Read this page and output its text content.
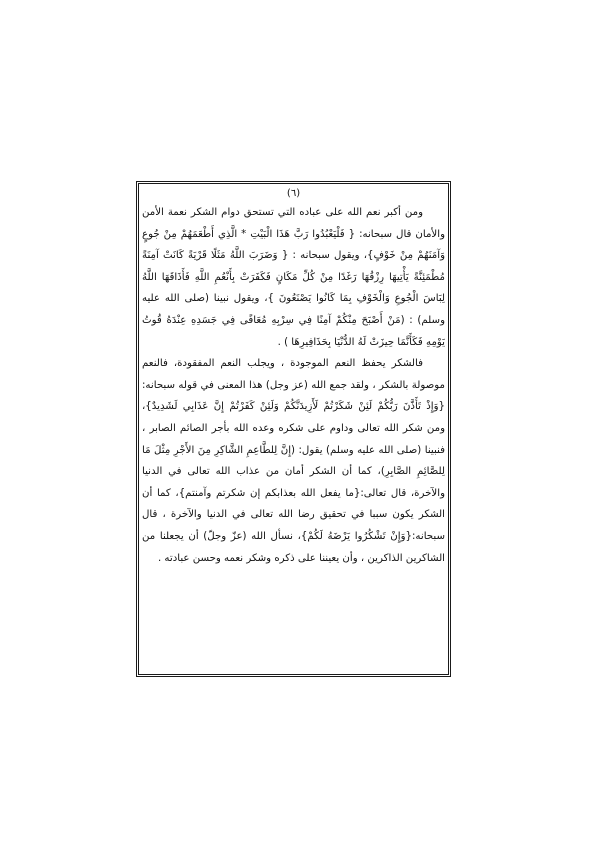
(٦)

ومن أكبر نعم الله على عباده التي تستحق دوام الشكر نعمة الأمن والأمان قال سبحانه: { فَلْيَعْبُدُوا رَبَّ هَذَا الْبَيْتِ * الَّذِي أَطْعَمَهُمْ مِنْ جُوعٍ وَآمَنَهُمْ مِنْ خَوْفٍ}، ويقول سبحانه : { وَضَرَبَ اللَّهُ مَثَلًا قَرْيَةً كَانَتْ آمِنَةً مُطْمَئِنَّةً يَأْتِيهَا رِزْقُهَا رَغَدًا مِنْ كُلِّ مَكَانٍ فَكَفَرَتْ بِأَنْعُمِ اللَّهِ فَأَذَاقَهَا اللَّهُ لِبَاسَ الْجُوعِ وَالْخَوْفِ بِمَا كَانُوا يَصْنَعُونَ }، ويقول نبينا (صلى الله عليه وسلم) : (مَنْ أَصْبَحَ مِنْكُمْ آمِنًا فِي سِرْبِهِ مُعَافًى فِي جَسَدِهِ عِنْدَهُ قُوتُ يَوْمِهِ فَكَأَنَّمَا حِيزَتْ لَهُ الدُّنْيَا بِحَذَافِيرِهَا ) .

فالشكر يحفظ النعم الموجودة ، ويجلب النعم المفقودة، فالنعم موصولة بالشكر ، ولقد جمع الله (عز وجل) هذا المعنى في قوله سبحانه: {وَإِذْ تَأَذَّنَ رَبُّكُمْ لَئِنْ شَكَرْتُمْ لَأَزِيدَنَّكُمْ وَلَئِنْ كَفَرْتُمْ إِنَّ عَذَابِي لَشَدِيدٌ}، ومن شكر الله تعالى وداوم على شكره وعده الله بأجر الصائم الصابر ، فنبينا (صلى الله عليه وسلم) يقول: (إِنَّ لِلطَّاعِمِ الشَّاكِرِ مِنَ الأَجْرِ مِثْلَ مَا لِلصَّائِمِ الصَّابِرِ)، كما أن الشكر أمان من عذاب الله تعالى في الدنيا والآخرة، قال تعالى:{ما يفعل الله بعذابكم إن شكرتم وآمنتم}، كما أن الشكر يكون سببا في تحقيق رضا الله تعالى في الدنيا والآخرة ، قال سبحانه:{وَإِنْ تَشْكُرُوا يَرْضَهُ لَكُمْ}، نسأل الله (عزّ وجلّ) أن يجعلنا من الشاكرين الذاكرين ، وأن يعيننا على ذكره وشكر نعمه وحسن عبادته .
